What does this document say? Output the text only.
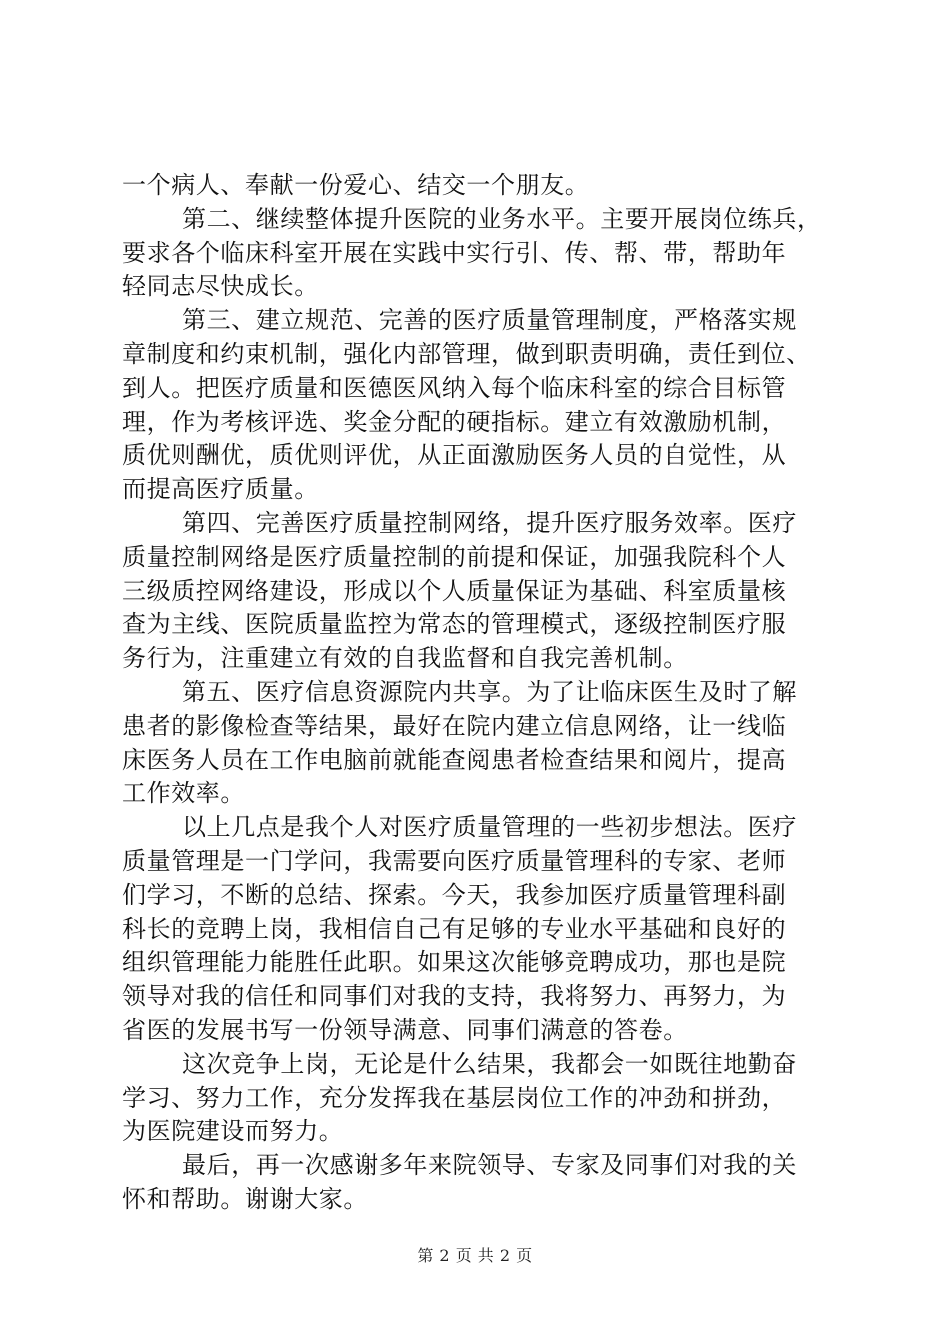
一个病人、奉献一份爱心、结交一个朋友。
第二、继续整体提升医院的业务水平。主要开展岗位练兵，
要求各个临床科室开展在实践中实行引、传、帮、带，帮助年
轻同志尽快成长。
第三、建立规范、完善的医疗质量管理制度，严格落实规
章制度和约束机制，强化内部管理，做到职责明确，责任到位、
到人。把医疗质量和医德医风纳入每个临床科室的综合目标管
理，作为考核评选、奖金分配的硬指标。建立有效激励机制，
质优则酬优，质优则评优，从正面激励医务人员的自觉性，从
而提高医疗质量。
第四、完善医疗质量控制网络，提升医疗服务效率。医疗
质量控制网络是医疗质量控制的前提和保证，加强我院科个人
三级质控网络建设，形成以个人质量保证为基础、科室质量核
查为主线、医院质量监控为常态的管理模式，逐级控制医疗服
务行为，注重建立有效的自我监督和自我完善机制。
第五、医疗信息资源院内共享。为了让临床医生及时了解
患者的影像检查等结果，最好在院内建立信息网络，让一线临
床医务人员在工作电脑前就能查阅患者检查结果和阅片，提高
工作效率。
以上几点是我个人对医疗质量管理的一些初步想法。医疗
质量管理是一门学问，我需要向医疗质量管理科的专家、老师
们学习，不断的总结、探索。今天，我参加医疗质量管理科副
科长的竞聘上岗，我相信自己有足够的专业水平基础和良好的
组织管理能力能胜任此职。如果这次能够竞聘成功，那也是院
领导对我的信任和同事们对我的支持，我将努力、再努力，为
省医的发展书写一份领导满意、同事们满意的答卷。
这次竞争上岗，无论是什么结果，我都会一如既往地勤奋
学习、努力工作，充分发挥我在基层岗位工作的冲劲和拼劲，
为医院建设而努力。
最后，再一次感谢多年来院领导、专家及同事们对我的关
怀和帮助。谢谢大家。
第 2 页 共 2 页
